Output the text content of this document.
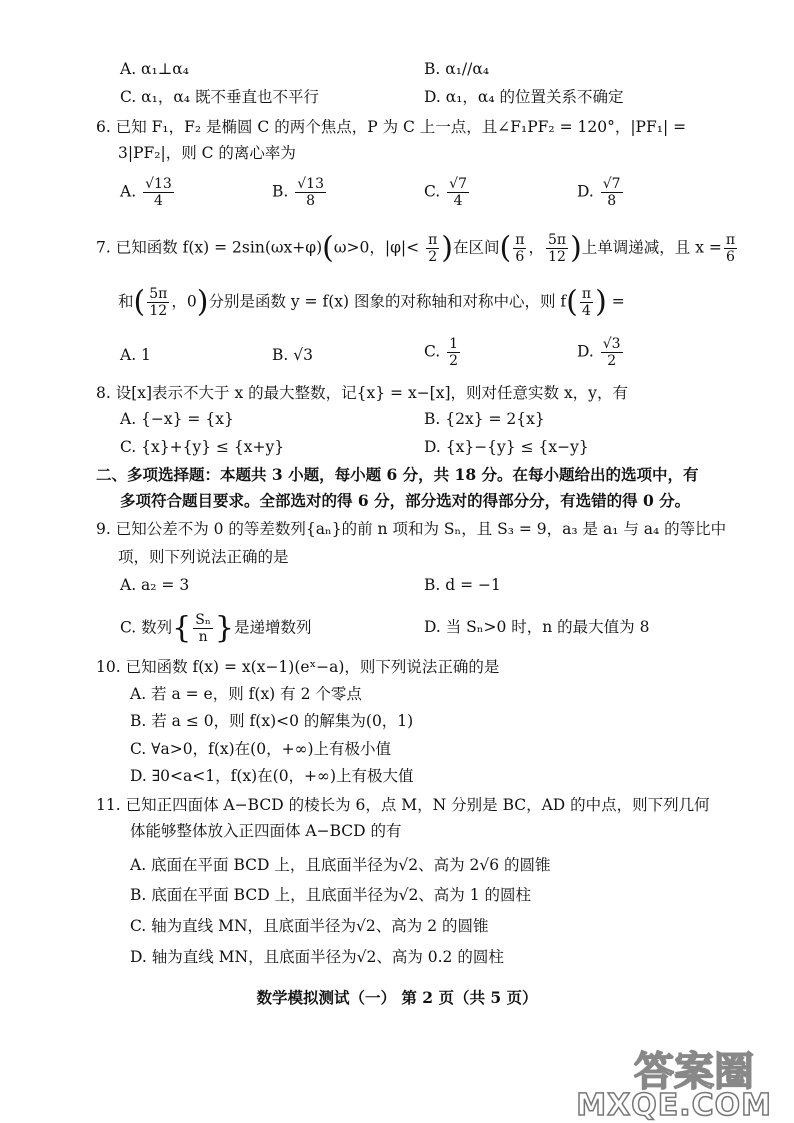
A. α₁⊥α₄	B. α₁//α₄
C. α₁，α₄ 既不垂直也不平行	D. α₁，α₄ 的位置关系不确定
6. 已知 F₁，F₂ 是椭圆 C 的两个焦点，P 为 C 上一点，且∠F₁PF₂ = 120°，|PF₁| =
3|PF₂|，则 C 的离心率为
A. $\frac{√13}{4}$	B. $\frac{√13}{8}$	C. $\frac{√7}{4}$	D. $\frac{√7}{8}$
7. 已知函数 f(x) = 2sin(ωx+φ)(ω>0，$|\varphi|< \frac{\pi}{2}$ )在区间( $\frac{\pi}{6}$ ， $\frac{5\pi}{12}$ )上单调递减，且 $x = \frac{\pi}{6}$
和( $\frac{5\pi}{12}$ ，0)分别是函数 y = f(x) 图象的对称轴和对称中心，则 $f( \frac{\pi}{4}$ ) =
A. 1	B. √3	C. $\frac{1}{2}$	D. $\frac{√3}{2}$
8. 设[x]表示不大于 x 的最大整数，记{x} = x−[x]，则对任意实数 x，y，有
A. {−x} = {x}	B. {2x} = 2{x}
C. {x}+{y} ≤ {x+y}	D. {x}−{y} ≤ {x−y}
二、多项选择题：本题共 3 小题，每小题 6 分，共 18 分。在每小题给出的选项中，有
多项符合题目要求。全部选对的得 6 分，部分选对的得部分分，有选错的得 0 分。
9. 已知公差不为 0 的等差数列{aₙ}的前 n 项和为 Sₙ，且 S₃ = 9，a₃ 是 a₁ 与 a₄ 的等比中
项，则下列说法正确的是
A. a₂ = 3	B. d = −1
C. 数列{ $\frac{\text{Sₙ}}{n}$ }是递增数列	D. 当 Sₙ>0 时，n 的最大值为 8
10. 已知函数 f(x) = x(x−1)(eˣ−a)，则下列说法正确的是
A. 若 a = e，则 f(x) 有 2 个零点
B. 若 a ≤ 0，则 f(x)<0 的解集为(0，1)
C. ∀a>0，f(x)在(0，+∞)上有极小值
D. ∃0<a<1，f(x)在(0，+∞)上有极大值
11. 已知正四面体 A−BCD 的棱长为 6，点 M，N 分别是 BC，AD 的中点，则下列几何
体能够整体放入正四面体 A−BCD 的有
A. 底面在平面 BCD 上，且底面半径为√2、高为 2√6 的圆锥
B. 底面在平面 BCD 上，且底面半径为√2、高为 1 的圆柱
C. 轴为直线 MN，且底面半径为√2、高为 2 的圆锥
D. 轴为直线 MN，且底面半径为√2、高为 0.2 的圆柱
数学模拟测试（一） 第 2 页（共 5 页）
答案圈
MXQE.COM
